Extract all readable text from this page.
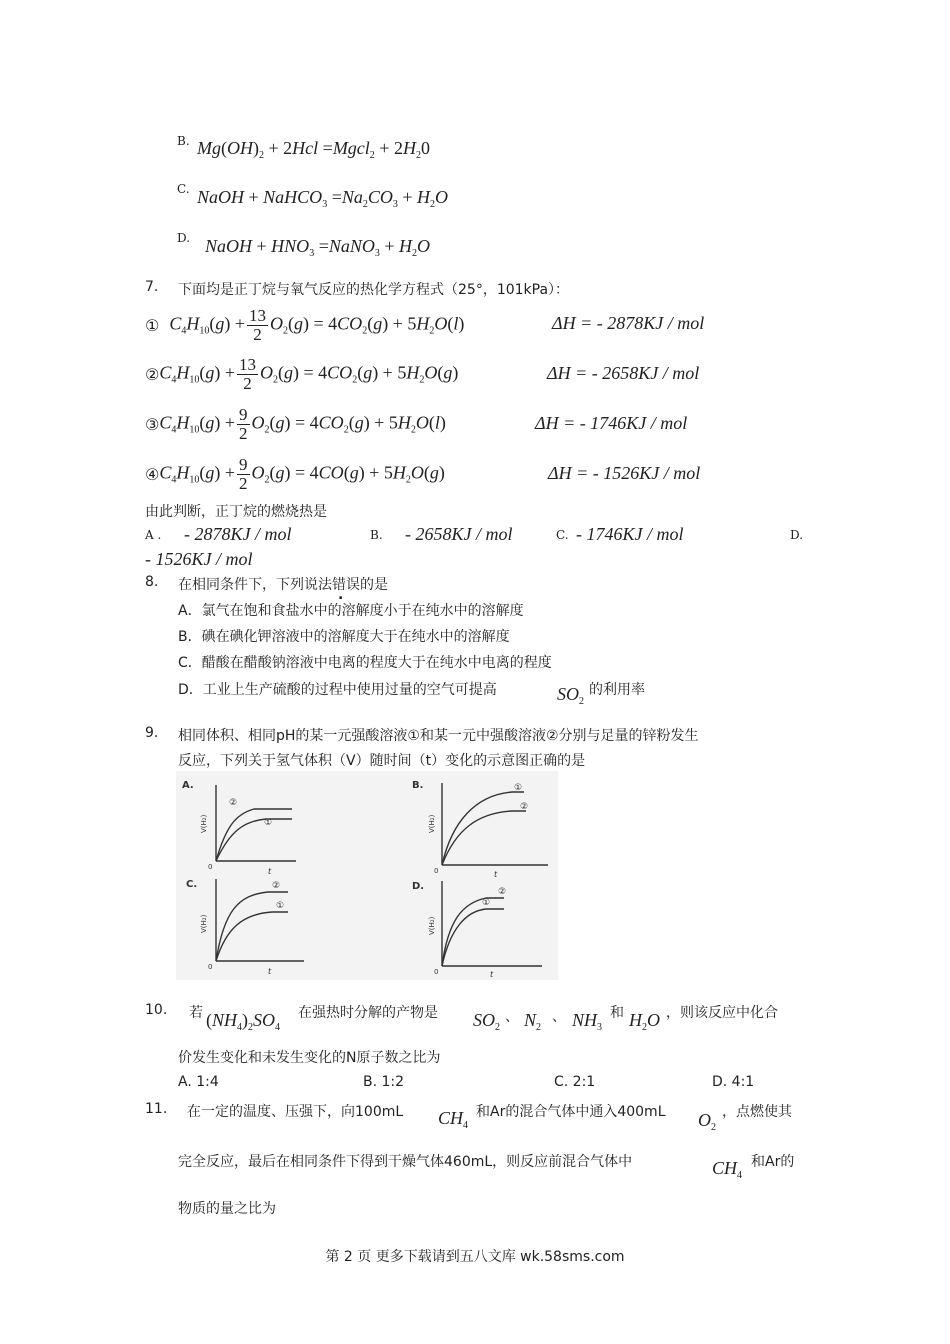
B. $Mg(OH)_2 + 2Hcl$ =Mgcl$_2$ + $2H_20$
C. NaOH + NaHCO$_3$ $=Na_2CO_3 + H_2O$
D. NaOH + $HNO_3$ =NaNO$_3$ + $H_2O$
7. 下面均是正丁烷与氧气反应的热化学方程式（25°，101kPa）：
① $C_4H_{10}(g) + \frac{13}{2} O_2(g) = 4CO_2(g) + 5H_2O(l)$	ΔH = - 2878KJ / mol
② $C_4H_{10}(g) + \frac{13}{2} O_2(g) = 4CO_2(g) + 5H_2O(g)$	ΔH = - 2658KJ / mol
③ $C_4H_{10}(g) + \frac{9}{2} O_2(g) = 4CO_2(g) + 5H_2O(l)$	ΔH = - 1746KJ / mol
④ $C_4H_{10}(g) + \frac{9}{2} O_2(g) = 4CO(g) + 5H_2O(g)$	ΔH = - 1526KJ / mol
由此判断，正丁烷的燃烧热是
A . - 2878KJ / mol	B. - 2658KJ / mol	C. - 1746KJ / mol	D.
- 1526KJ / mol
8. 在相同条件下，下列说法错误的是
A．氯气在饱和食盐水中的溶解度小于在纯水中的溶解度
B．碘在碘化钾溶液中的溶解度大于在纯水中的溶解度
C．醋酸在醋酸钠溶液中电离的程度大于在纯水中电离的程度
D．工业上生产硫酸的过程中使用过量的空气可提高	$SO_2$
的利用率
9. 相同体积、相同pH的某一元强酸溶液①和某一元中强酸溶液②分别与足量的锌粉发生
反应，下列关于氢气体积（V）随时间（t）变化的示意图正确的是
A.
②
①
V(H₂)
0	t
B.	①
②
V(H₂)
0	t
C.	②
①
V(H₂)
0	t
D.	②
①
V(H₂)
0	t
10. 若 $(NH_4)_2SO_4$
在强热时分解的产物是 $SO_2$
、 $N_2$
、 $NH_3$
和 $H_2O$ ，则该反应中化合
价发生变化和未发生变化的N原子数之比为
A. 1:4	B. 1:2	C. 2:1	D. 4:1
11. 在一定的温度、压强下，向100mL $CH_4$
和Ar的混合气体中通入400mL $O_2$
，点燃使其
完全反应，最后在相同条件下得到干燥气体460mL，则反应前混合气体中	$CH_4$
和Ar的
物质的量之比为
第 2 页 更多下载请到五八文库 wk.58sms.com
